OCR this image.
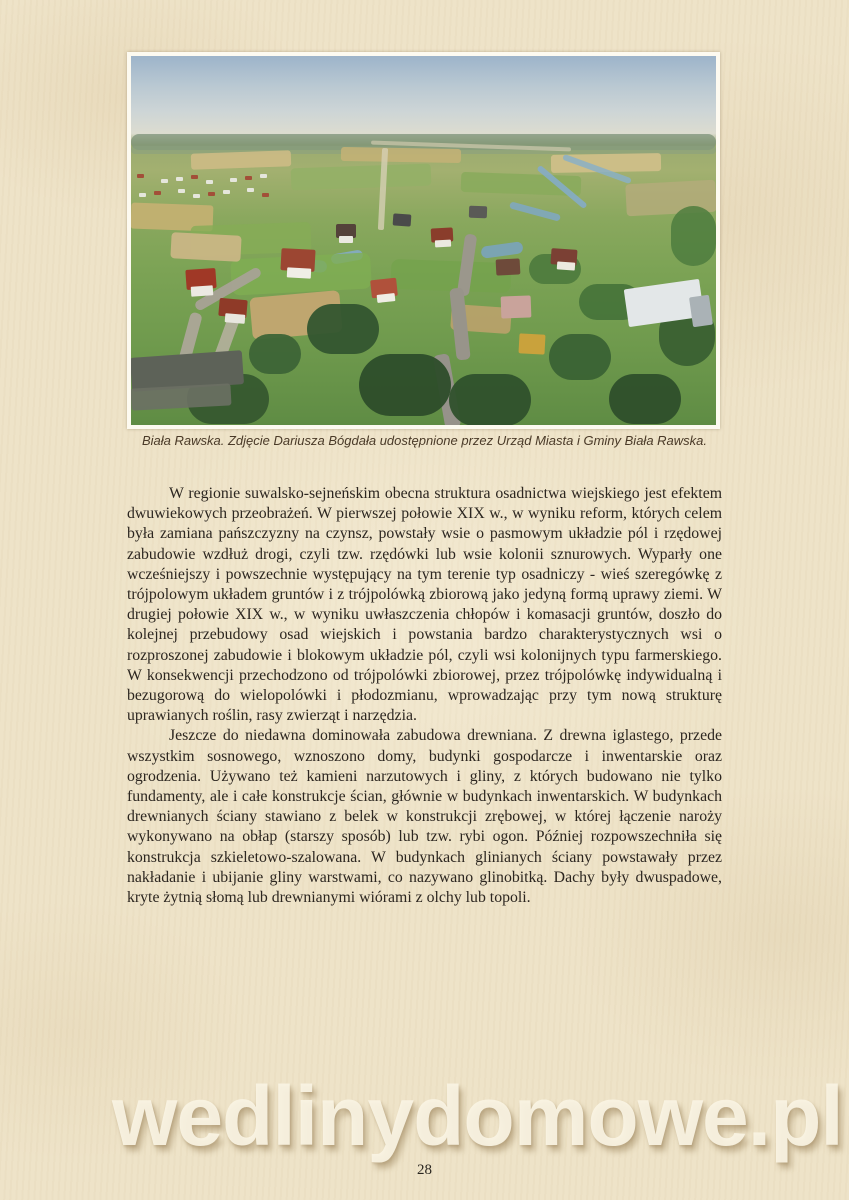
Biała Rawska. Zdjęcie Dariusza Bógdała udostępnione przez Urząd Miasta i Gminy Biała Rawska.

W regionie suwalsko-sejneńskim obecna struktura osadnictwa wiejskiego jest efektem dwuwiekowych przeobrażeń. W pierwszej połowie XIX w., w wyniku reform, których celem była zamiana pańszczyzny na czynsz, powstały wsie o pasmowym układzie pól i rzędowej zabudowie wzdłuż drogi, czyli tzw. rzędówki lub wsie kolonii sznurowych. Wyparły one wcześniejszy i powszechnie występujący na tym terenie typ osadniczy - wieś szeregówkę z trójpolowym układem gruntów i z trójpolówką zbiorową jako jedyną formą uprawy ziemi. W drugiej połowie XIX w., w wyniku uwłaszczenia chłopów i komasacji gruntów, doszło do kolejnej przebudowy osad wiejskich i powstania bardzo charakterystycznych wsi o rozproszonej zabudowie i blokowym układzie pól, czyli wsi kolonijnych typu farmerskiego. W konsekwencji przechodzono od trójpolówki zbiorowej, przez trójpolówkę indywidualną i bezugorową do wielopolówki i płodozmianu, wprowadzając przy tym nową strukturę uprawianych roślin, rasy zwierząt i narzędzia.

Jeszcze do niedawna dominowała zabudowa drewniana. Z drewna iglastego, przede wszystkim sosnowego, wznoszono domy, budynki gospodarcze i inwentarskie oraz ogrodzenia. Używano też kamieni narzutowych i gliny, z których budowano nie tylko fundamenty, ale i całe konstrukcje ścian, głównie w budynkach inwentarskich. W budynkach drewnianych ściany stawiano z belek w konstrukcji zrębowej, w której łączenie naroży wykonywano na obłap (starszy sposób) lub tzw. rybi ogon. Później rozpowszechniła się konstrukcja szkieletowo-szalowana. W budynkach glinianych ściany powstawały przez nakładanie i ubijanie gliny warstwami, co nazywano glinobitką. Dachy były dwuspadowe, kryte żytnią słomą lub drewnianymi wiórami z olchy lub topoli.

wedlinydomowe.pl
28
